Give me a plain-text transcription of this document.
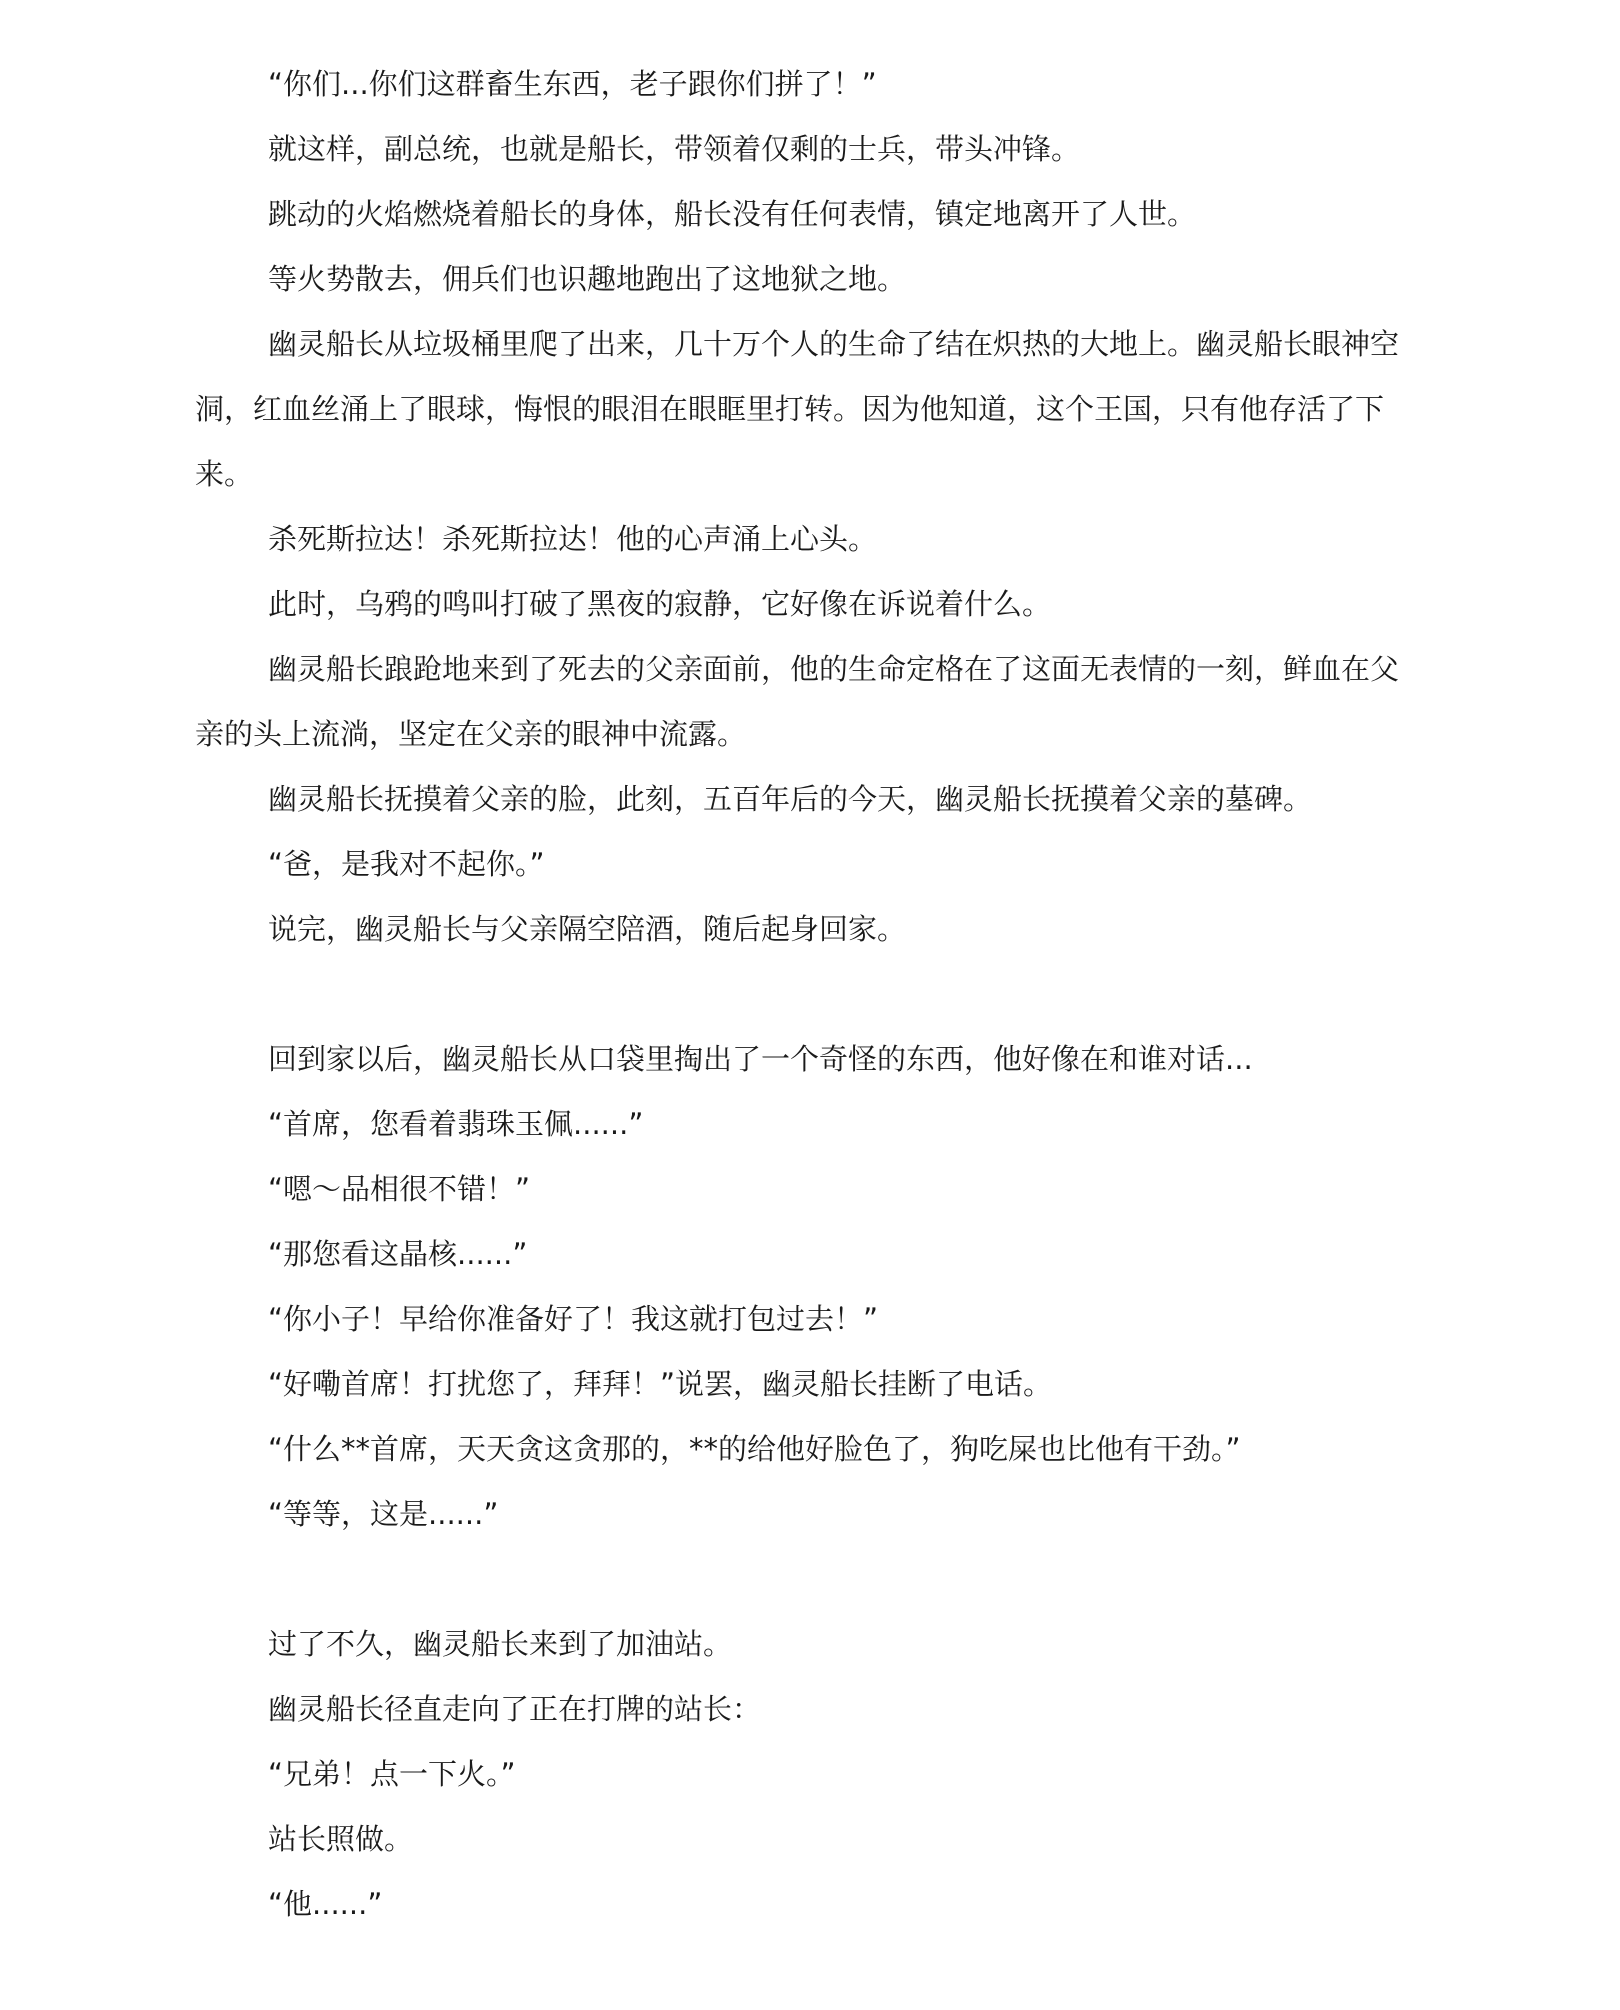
“你们...你们这群畜生东西，老子跟你们拼了！”

就这样，副总统，也就是船长，带领着仅剩的士兵，带头冲锋。

跳动的火焰燃烧着船长的身体，船长没有任何表情，镇定地离开了人世。

等火势散去，佣兵们也识趣地跑出了这地狱之地。

幽灵船长从垃圾桶里爬了出来，几十万个人的生命了结在炽热的大地上。幽灵船长眼神空洞，红血丝涌上了眼球，悔恨的眼泪在眼眶里打转。因为他知道，这个王国，只有他存活了下来。

杀死斯拉达！杀死斯拉达！他的心声涌上心头。

此时，乌鸦的鸣叫打破了黑夜的寂静，它好像在诉说着什么。

幽灵船长踉跄地来到了死去的父亲面前，他的生命定格在了这面无表情的一刻，鲜血在父亲的头上流淌，坚定在父亲的眼神中流露。

幽灵船长抚摸着父亲的脸，此刻，五百年后的今天，幽灵船长抚摸着父亲的墓碑。

“爸，是我对不起你。”

说完，幽灵船长与父亲隔空陪酒，随后起身回家。

回到家以后，幽灵船长从口袋里掏出了一个奇怪的东西，他好像在和谁对话...

“首席，您看着翡珠玉佩......”

“嗯～品相很不错！”

“那您看这晶核......”

“你小子！早给你准备好了！我这就打包过去！”

“好嘞首席！打扰您了，拜拜！”说罢，幽灵船长挂断了电话。

“什么**首席，天天贪这贪那的，**的给他好脸色了，狗吃屎也比他有干劲。”

“等等，这是......”

过了不久，幽灵船长来到了加油站。

幽灵船长径直走向了正在打牌的站长：

“兄弟！点一下火。”

站长照做。

“他......”
